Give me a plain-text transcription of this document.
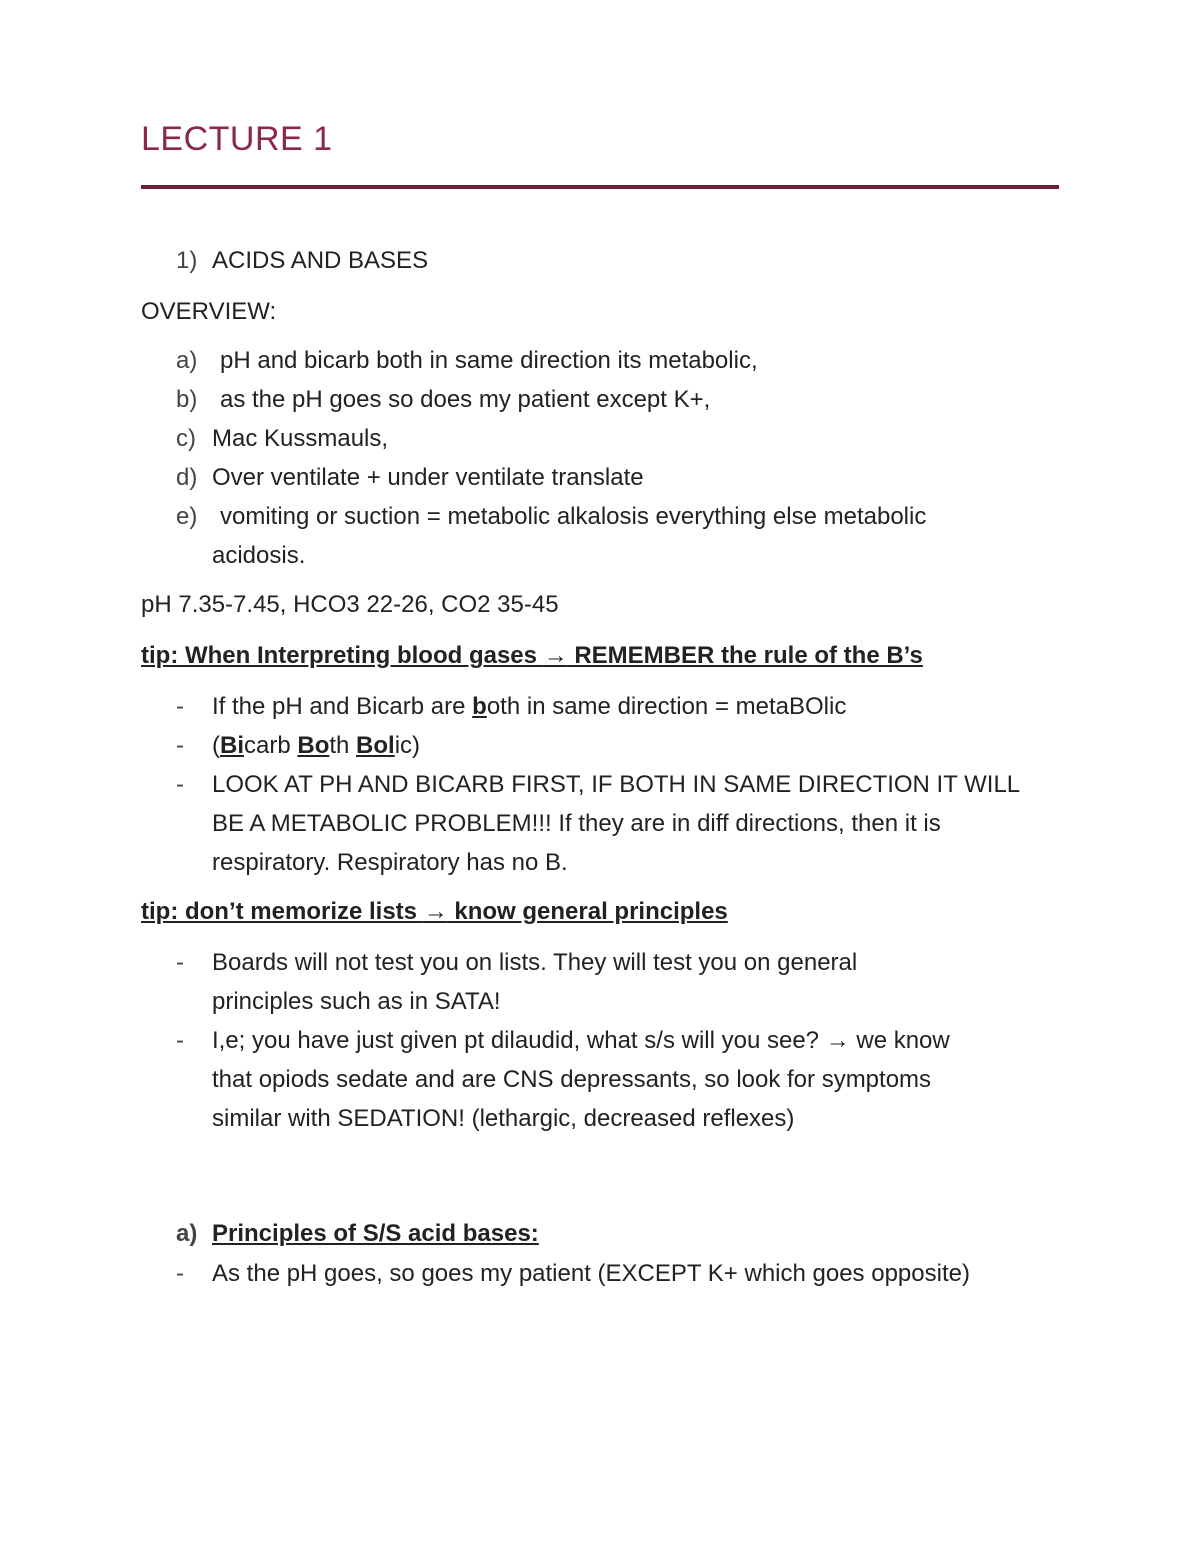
LECTURE 1
1) ACIDS AND BASES
OVERVIEW:
a) pH and bicarb both in same direction its metabolic,
b) as the pH goes so does my patient except K+,
c) Mac Kussmauls,
d) Over ventilate + under ventilate translate
e) vomiting or suction = metabolic alkalosis everything else metabolic
acidosis.
pH 7.35-7.45, HCO3 22-26, CO2 35-45
tip: When Interpreting blood gases → REMEMBER the rule of the B’s
- If the pH and Bicarb are both in same direction = metaBOlic
- (Bicarb Both Bolic)
- LOOK AT PH AND BICARB FIRST, IF BOTH IN SAME DIRECTION IT WILL
BE A METABOLIC PROBLEM!!! If they are in diff directions, then it is
respiratory. Respiratory has no B.
tip: don’t memorize lists → know general principles
- Boards will not test you on lists. They will test you on general
principles such as in SATA!
- I,e; you have just given pt dilaudid, what s/s will you see? → we know
that opiods sedate and are CNS depressants, so look for symptoms
similar with SEDATION! (lethargic, decreased reflexes)
a) Principles of S/S acid bases:
- As the pH goes, so goes my patient (EXCEPT K+ which goes opposite)
